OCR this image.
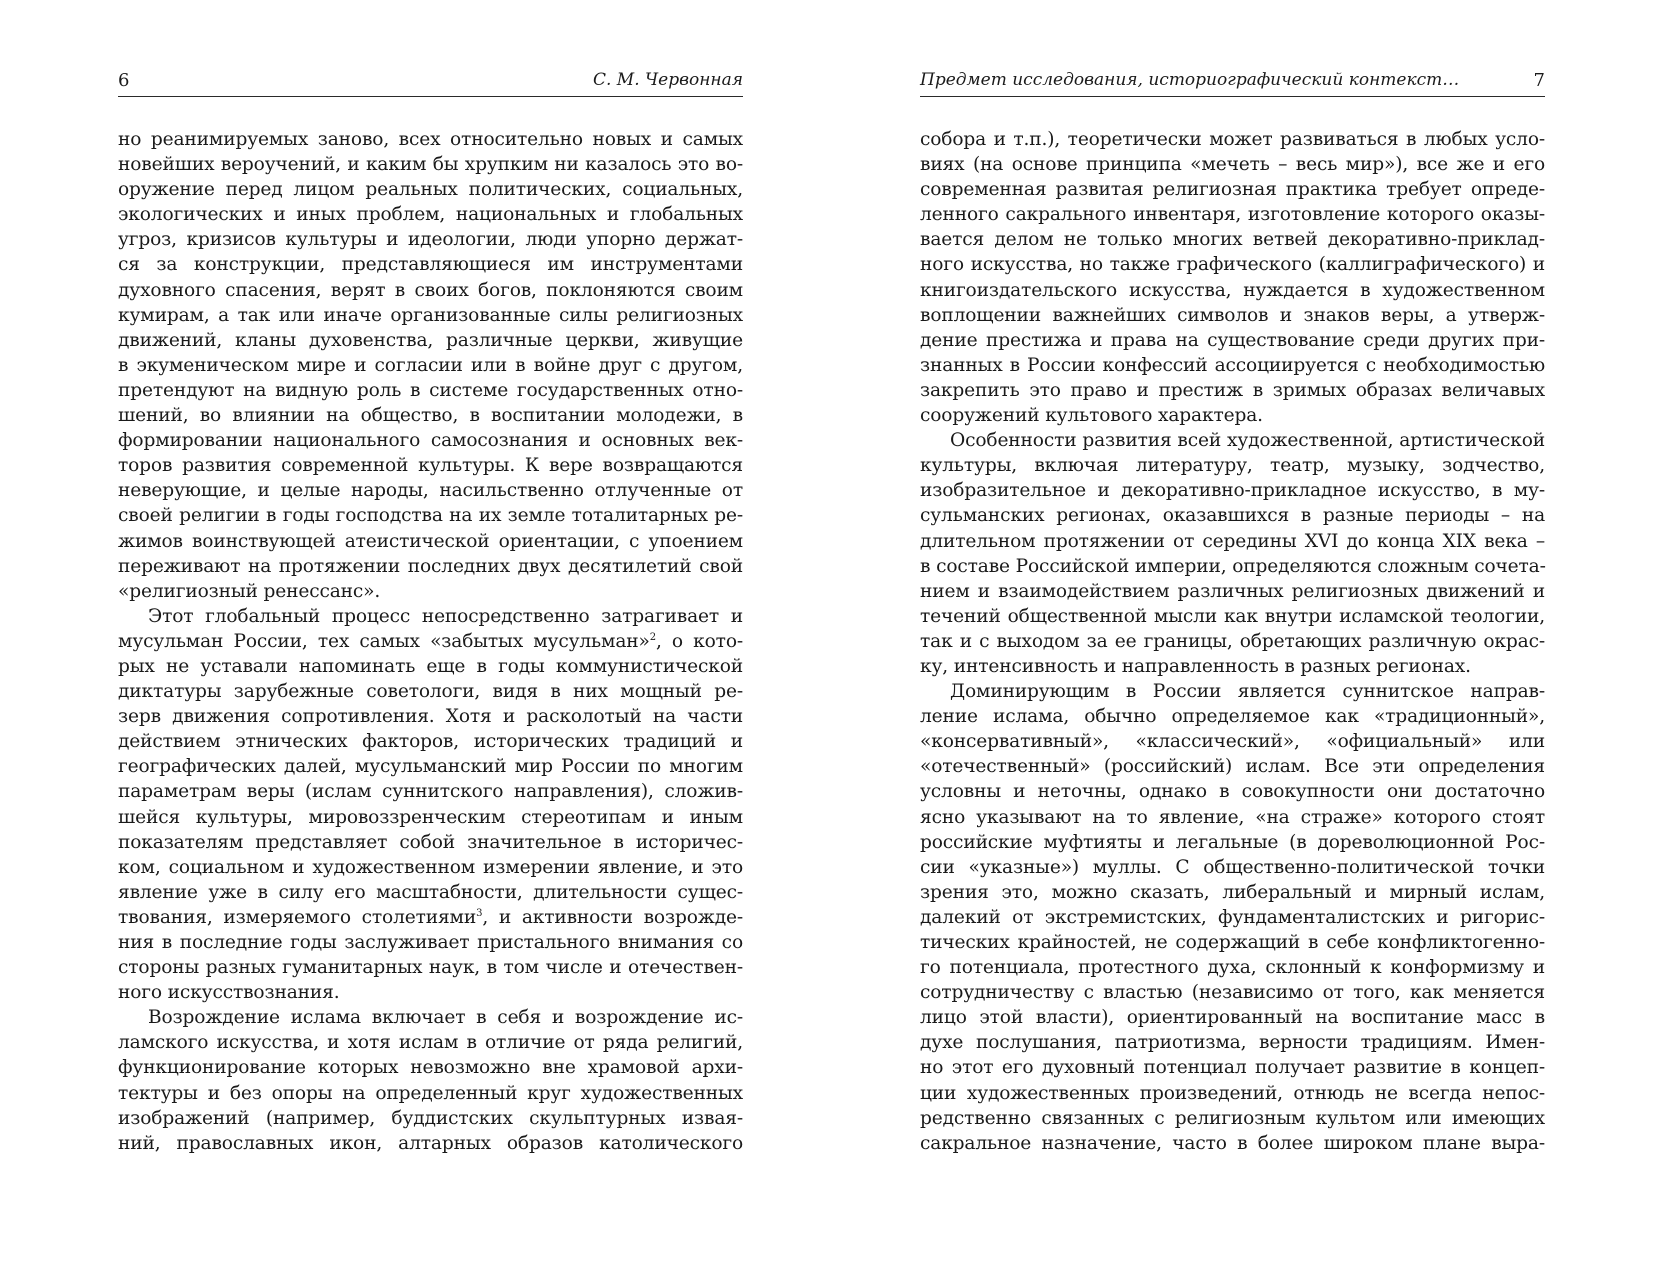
6	С. М. Червонная
но реанимируемых заново, всех относительно новых и самых
новейших вероучений, и каким бы хрупким ни казалось это во-
оружение перед лицом реальных политических, социальных,
экологических и иных проблем, национальных и глобальных
угроз, кризисов культуры и идеологии, люди упорно держат-
ся за конструкции, представляющиеся им инструментами
духовного спасения, верят в своих богов, поклоняются своим
кумирам, а так или иначе организованные силы религиозных
движений, кланы духовенства, различные церкви, живущие
в экуменическом мире и согласии или в войне друг с другом,
претендуют на видную роль в системе государственных отно-
шений, во влиянии на общество, в воспитании молодежи, в
формировании национального самосознания и основных век-
торов развития современной культуры. К вере возвращаются
неверующие, и целые народы, насильственно отлученные от
своей религии в годы господства на их земле тоталитарных ре-
жимов воинствующей атеистической ориентации, с упоением
переживают на протяжении последних двух десятилетий свой
«религиозный ренессанс».
Этот глобальный процесс непосредственно затрагивает и
мусульман России, тех самых «забытых мусульман»$^2$, о кото-
рых не уставали напоминать еще в годы коммунистической
диктатуры зарубежные советологи, видя в них мощный ре-
зерв движения сопротивления. Хотя и расколотый на части
действием этнических факторов, исторических традиций и
географических далей, мусульманский мир России по многим
параметрам веры (ислам суннитского направления), сложив-
шейся культуры, мировоззренческим стереотипам и иным
показателям представляет собой значительное в историчес-
ком, социальном и художественном измерении явление, и это
явление уже в силу его масштабности, длительности сущес-
твования, измеряемого столетиями$^3$, и активности возрожде-
ния в последние годы заслуживает пристального внимания со
стороны разных гуманитарных наук, в том числе и отечествен-
ного искусствознания.
Возрождение ислама включает в себя и возрождение ис-
ламского искусства, и хотя ислам в отличие от ряда религий,
функционирование которых невозможно вне храмовой архи-
тектуры и без опоры на определенный круг художественных
изображений (например, буддистских скульптурных извая-
ний, православных икон, алтарных образов католического
Предмет исследования, историографический контекст…	7
собора и т.п.), теоретически может развиваться в любых усло-
виях (на основе принципа «мечеть – весь мир»), все же и его
современная развитая религиозная практика требует опреде-
ленного сакрального инвентаря, изготовление которого оказы-
вается делом не только многих ветвей декоративно-приклад-
ного искусства, но также графического (каллиграфического) и
книгоиздательского искусства, нуждается в художественном
воплощении важнейших символов и знаков веры, а утверж-
дение престижа и права на существование среди других при-
знанных в России конфессий ассоциируется с необходимостью
закрепить это право и престиж в зримых образах величавых
сооружений культового характера.
Особенности развития всей художественной, артистической
культуры, включая литературу, театр, музыку, зодчество,
изобразительное и декоративно-прикладное искусство, в му-
сульманских регионах, оказавшихся в разные периоды – на
длительном протяжении от середины XVI до конца XIX века –
в составе Российской империи, определяются сложным сочета-
нием и взаимодействием различных религиозных движений и
течений общественной мысли как внутри исламской теологии,
так и с выходом за ее границы, обретающих различную окрас-
ку, интенсивность и направленность в разных регионах.
Доминирующим в России является суннитское направ-
ление ислама, обычно определяемое как «традиционный»,
«консервативный», «классический», «официальный» или
«отечественный» (российский) ислам. Все эти определения
условны и неточны, однако в совокупности они достаточно
ясно указывают на то явление, «на страже» которого стоят
российские муфтияты и легальные (в дореволюционной Рос-
сии «указные») муллы. С общественно-политической точки
зрения это, можно сказать, либеральный и мирный ислам,
далекий от экстремистских, фундаменталистских и ригорис-
тических крайностей, не содержащий в себе конфликтогенно-
го потенциала, протестного духа, склонный к конформизму и
сотрудничеству с властью (независимо от того, как меняется
лицо этой власти), ориентированный на воспитание масс в
духе послушания, патриотизма, верности традициям. Имен-
но этот его духовный потенциал получает развитие в концеп-
ции художественных произведений, отнюдь не всегда непос-
редственно связанных с религиозным культом или имеющих
сакральное назначение, часто в более широком плане выра-
